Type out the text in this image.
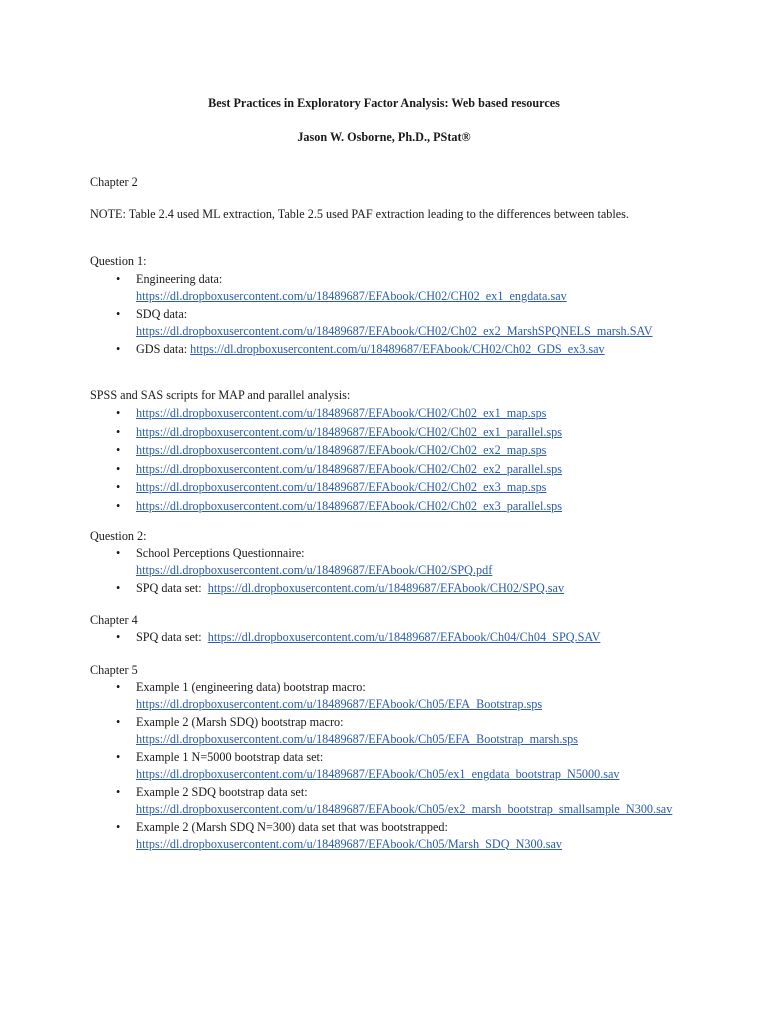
Best Practices in Exploratory Factor Analysis: Web based resources
Jason W. Osborne, Ph.D., PStat®
Chapter 2
NOTE: Table 2.4 used ML extraction, Table 2.5 used PAF extraction leading to the differences between tables.
Question 1:
• Engineering data:
https://dl.dropboxusercontent.com/u/18489687/EFAbook/CH02/CH02_ex1_engdata.sav
• SDQ data:
https://dl.dropboxusercontent.com/u/18489687/EFAbook/CH02/Ch02_ex2_MarshSPQNELS_marsh.SAV
• GDS data: https://dl.dropboxusercontent.com/u/18489687/EFAbook/CH02/Ch02_GDS_ex3.sav
SPSS and SAS scripts for MAP and parallel analysis:
• https://dl.dropboxusercontent.com/u/18489687/EFAbook/CH02/Ch02_ex1_map.sps
• https://dl.dropboxusercontent.com/u/18489687/EFAbook/CH02/Ch02_ex1_parallel.sps
• https://dl.dropboxusercontent.com/u/18489687/EFAbook/CH02/Ch02_ex2_map.sps
• https://dl.dropboxusercontent.com/u/18489687/EFAbook/CH02/Ch02_ex2_parallel.sps
• https://dl.dropboxusercontent.com/u/18489687/EFAbook/CH02/Ch02_ex3_map.sps
• https://dl.dropboxusercontent.com/u/18489687/EFAbook/CH02/Ch02_ex3_parallel.sps
Question 2:
• School Perceptions Questionnaire:
https://dl.dropboxusercontent.com/u/18489687/EFAbook/CH02/SPQ.pdf
• SPQ data set: https://dl.dropboxusercontent.com/u/18489687/EFAbook/CH02/SPQ.sav
Chapter 4
• SPQ data set: https://dl.dropboxusercontent.com/u/18489687/EFAbook/Ch04/Ch04_SPQ.SAV
Chapter 5
• Example 1 (engineering data) bootstrap macro:
https://dl.dropboxusercontent.com/u/18489687/EFAbook/Ch05/EFA_Bootstrap.sps
• Example 2 (Marsh SDQ) bootstrap macro:
https://dl.dropboxusercontent.com/u/18489687/EFAbook/Ch05/EFA_Bootstrap_marsh.sps
• Example 1 N=5000 bootstrap data set:
https://dl.dropboxusercontent.com/u/18489687/EFAbook/Ch05/ex1_engdata_bootstrap_N5000.sav
• Example 2 SDQ bootstrap data set:
https://dl.dropboxusercontent.com/u/18489687/EFAbook/Ch05/ex2_marsh_bootstrap_smallsample_N300.sav
• Example 2 (Marsh SDQ N=300) data set that was bootstrapped:
https://dl.dropboxusercontent.com/u/18489687/EFAbook/Ch05/Marsh_SDQ_N300.sav
